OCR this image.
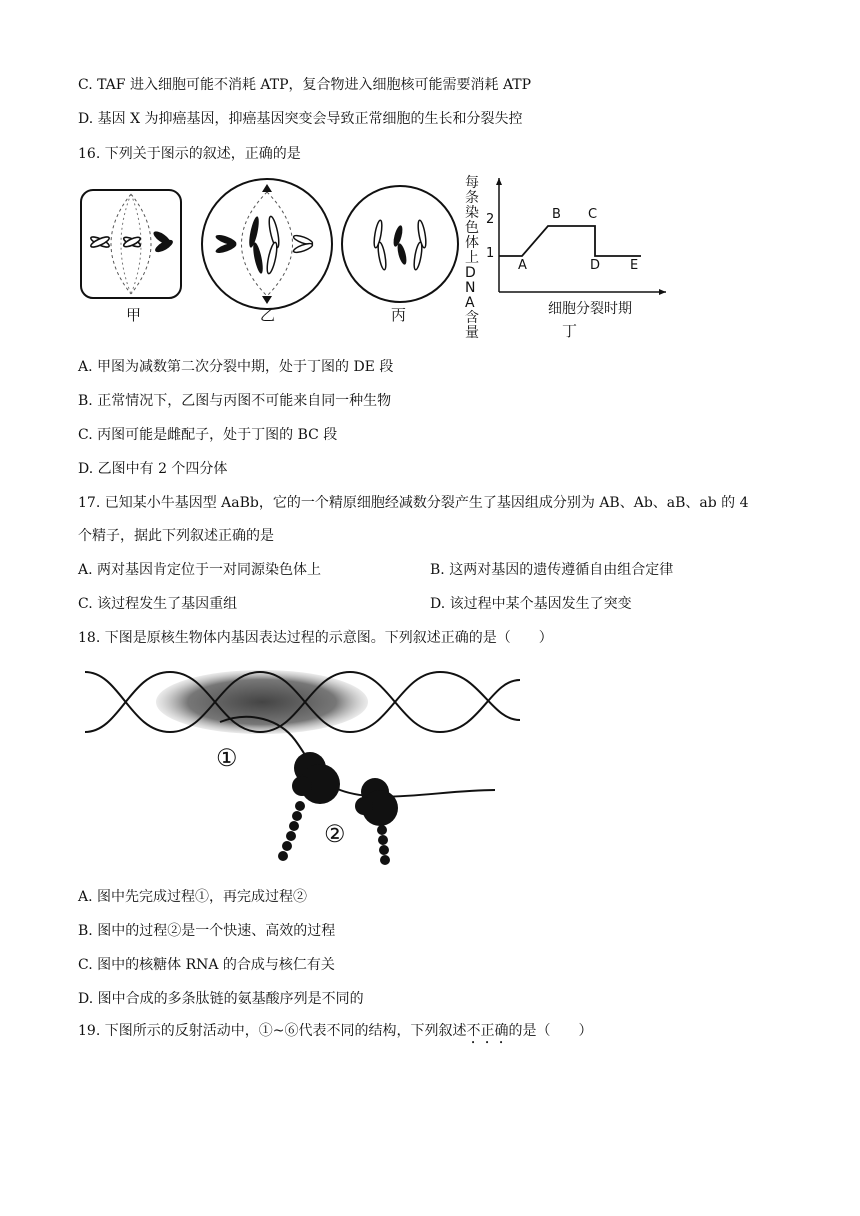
C. TAF 进入细胞可能不消耗 ATP，复合物进入细胞核可能需要消耗 ATP
D. 基因 X 为抑癌基因，抑癌基因突变会导致正常细胞的生长和分裂失控
16. 下列关于图示的叙述，正确的是
每条染色体上DNA含量
2
1
A
B C
D E
细胞分裂时期
丁
甲	乙	丙
A. 甲图为减数第二次分裂中期，处于丁图的 DE 段
B. 正常情况下，乙图与丙图不可能来自同一种生物
C. 丙图可能是雌配子，处于丁图的 BC 段
D. 乙图中有 2 个四分体
17. 已知某小牛基因型 AaBb，它的一个精原细胞经减数分裂产生了基因组成分别为 AB、Ab、aB、ab 的 4
个精子，据此下列叙述正确的是
A. 两对基因肯定位于一对同源染色体上	B. 这两对基因的遗传遵循自由组合定律
C. 该过程发生了基因重组	D. 该过程中某个基因发生了突变
18. 下图是原核生物体内基因表达过程的示意图。下列叙述正确的是（　　）
①
②
A. 图中先完成过程①，再完成过程②
B. 图中的过程②是一个快速、高效的过程
C. 图中的核糖体 RNA 的合成与核仁有关
D. 图中合成的多条肽链的氨基酸序列是不同的
19. 下图所示的反射活动中，①~⑥代表不同的结构，下列叙述不正确的是（　　）
